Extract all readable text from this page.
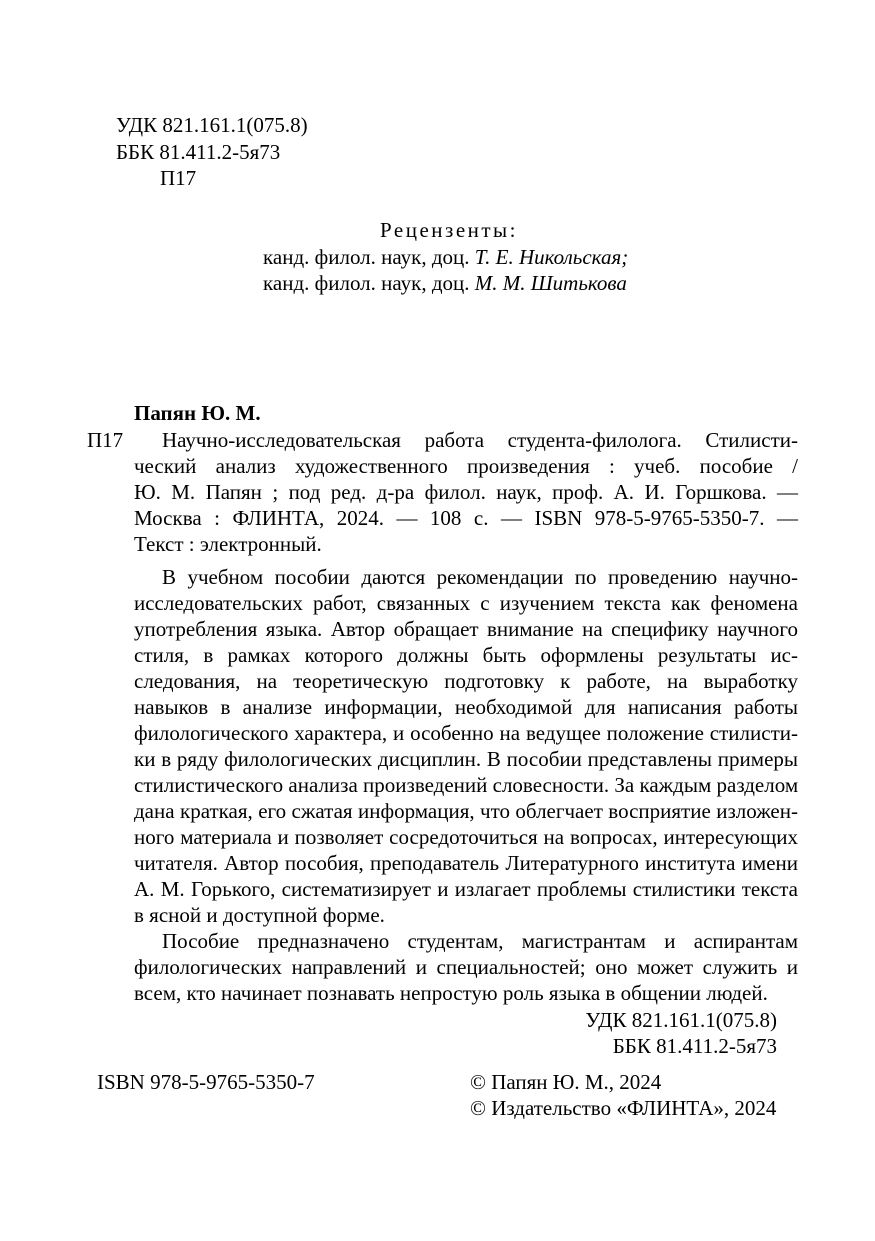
УДК 821.161.1(075.8)
ББК 81.411.2-5я73
П17
Рецензенты:
канд. филол. наук, доц. Т. Е. Никольская;
канд. филол. наук, доц. М. М. Шитькова
Папян Ю. М.
П17 Научно-исследовательская работа студента-филолога. Стилисти-
ческий анализ художественного произведения : учеб. пособие /
Ю. М. Папян ; под ред. д-ра филол. наук, проф. А. И. Горшкова. —
Москва : ФЛИНТА, 2024. — 108 с. — ISBN 978-5-9765-5350-7. —
Текст : электронный.
В учебном пособии даются рекомендации по проведению научно-
исследовательских работ, связанных с изучением текста как феномена
употребления языка. Автор обращает внимание на специфику научного
стиля, в рамках которого должны быть оформлены результаты ис-
следования, на теоретическую подготовку к работе, на выработку
навыков в анализе информации, необходимой для написания работы
филологического характера, и особенно на ведущее положение стилисти-
ки в ряду филологических дисциплин. В пособии представлены примеры
стилистического анализа произведений словесности. За каждым разделом
дана краткая, его сжатая информация, что облегчает восприятие изложен-
ного материала и позволяет сосредоточиться на вопросах, интересующих
читателя. Автор пособия, преподаватель Литературного института имени
А. М. Горького, систематизирует и излагает проблемы стилистики текста
в ясной и доступной форме.
Пособие предназначено студентам, магистрантам и аспирантам
филологических направлений и специальностей; оно может служить и
всем, кто начинает познавать непростую роль языка в общении людей.
УДК 821.161.1(075.8)
ББК 81.411.2-5я73
ISBN 978-5-9765-5350-7	© Папян Ю. М., 2024
© Издательство «ФЛИНТА», 2024
